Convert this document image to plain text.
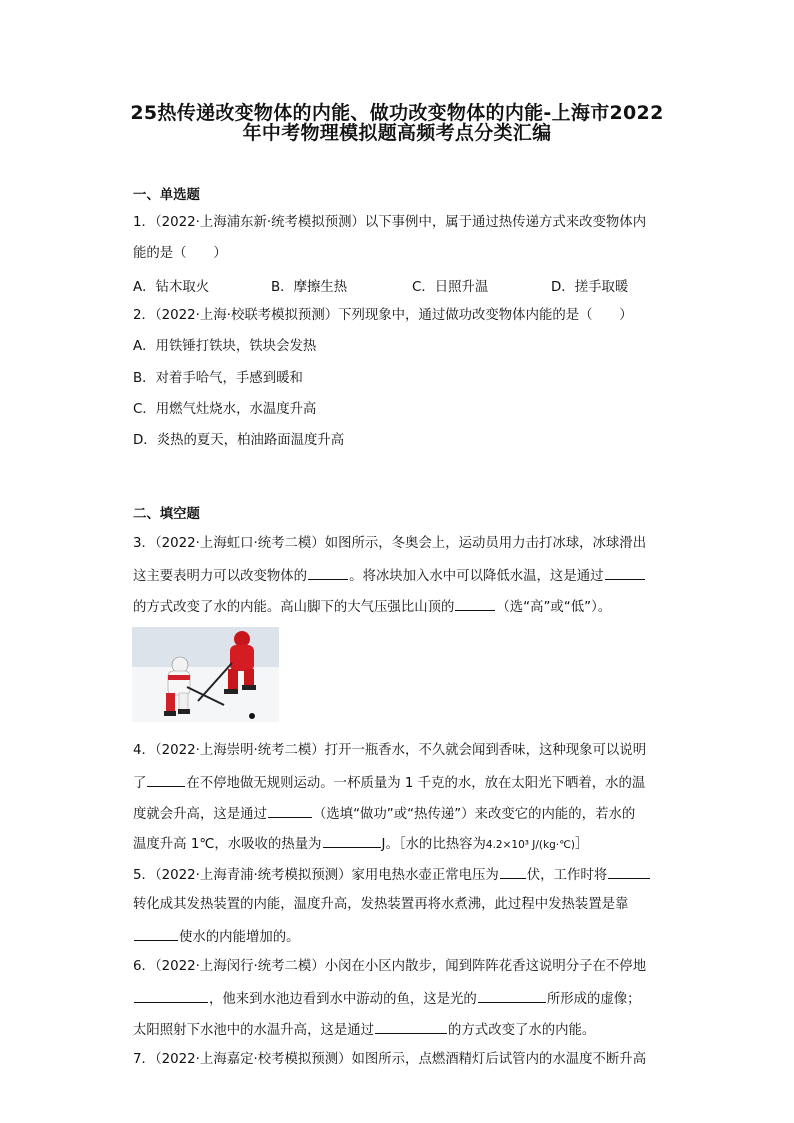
25热传递改变物体的内能、做功改变物体的内能-上海市2022
年中考物理模拟题高频考点分类汇编
一、单选题
1．（2022·上海浦东新·统考模拟预测）以下事例中，属于通过热传递方式来改变物体内
能的是（　　）
A．钻木取火	B．摩擦生热	C．日照升温	D．搓手取暖
2．（2022·上海·校联考模拟预测）下列现象中，通过做功改变物体内能的是（　　）
A．用铁锤打铁块，铁块会发热
B．对着手哈气，手感到暖和
C．用燃气灶烧水，水温度升高
D．炎热的夏天，柏油路面温度升高
二、填空题
3．（2022·上海虹口·统考二模）如图所示，冬奥会上，运动员用力击打冰球，冰球滑出
这主要表明力可以改变物体的	。将冰块加入水中可以降低水温，这是通过
的方式改变了水的内能。高山脚下的大气压强比山顶的	（选“高”或“低”）。
4．（2022·上海崇明·统考二模）打开一瓶香水，不久就会闻到香味，这种现象可以说明
了	在不停地做无规则运动。一杯质量为 1 千克的水，放在太阳光下晒着，水的温
度就会升高，这是通过	（选填“做功”或“热传递”）来改变它的内能的，若水的
温度升高 1℃，水吸收的热量为	J。［水的比热容为4.2×10³ J/(kg·℃)］
5．（2022·上海青浦·统考模拟预测）家用电热水壶正常电压为 伏，工作时将
转化成其发热装置的内能，温度升高，发热装置再将水煮沸，此过程中发热装置是靠
使水的内能增加的。
6．（2022·上海闵行·统考二模）小闵在小区内散步，闻到阵阵花香这说明分子在不停地
，他来到水池边看到水中游动的鱼，这是光的	所形成的虚像；
太阳照射下水池中的水温升高，这是通过	的方式改变了水的内能。
7．（2022·上海嘉定·校考模拟预测）如图所示，点燃酒精灯后试管内的水温度不断升高
